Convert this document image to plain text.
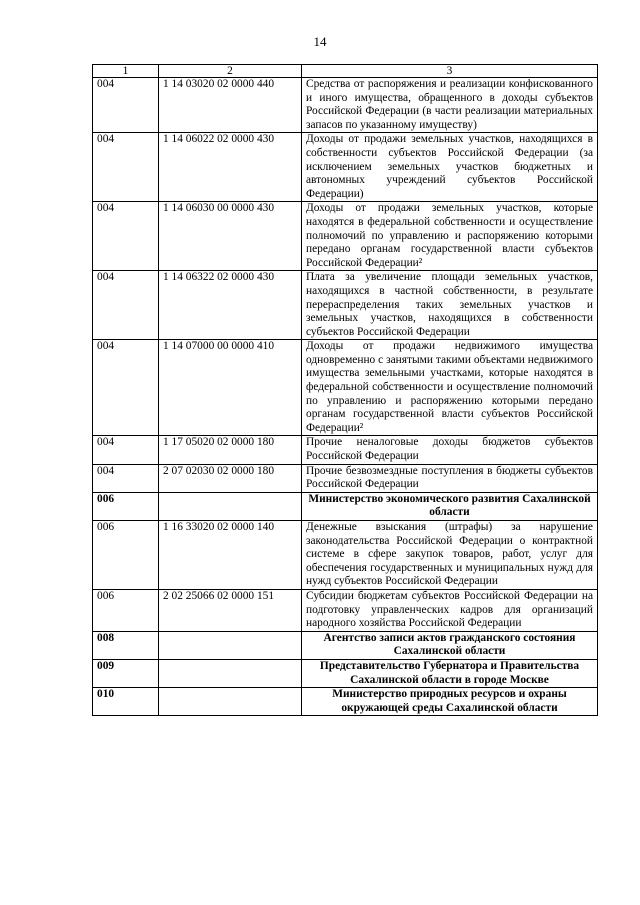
14
1	2	3
004	1 14 03020 02 0000 440	Средства от распоряжения и реализации конфискованного и иного имущества, обращенного в доходы субъектов Российской Федерации (в части реализации материальных запасов по указанному имуществу)
004	1 14 06022 02 0000 430	Доходы от продажи земельных участков, находящихся в собственности субъектов Российской Федерации (за исключением земельных участков бюджетных и автономных учреждений субъектов Российской Федерации)
004	1 14 06030 00 0000 430	Доходы от продажи земельных участков, которые находятся в федеральной собственности и осуществление полномочий по управлению и распоряжению которыми передано органам государственной власти субъектов Российской Федерации²
004	1 14 06322 02 0000 430	Плата за увеличение площади земельных участков, находящихся в частной собственности, в результате перераспределения таких земельных участков и земельных участков, находящихся в собственности субъектов Российской Федерации
004	1 14 07000 00 0000 410	Доходы от продажи недвижимого имущества одновременно с занятыми такими объектами недвижимого имущества земельными участками, которые находятся в федеральной собственности и осуществление полномочий по управлению и распоряжению которыми передано органам государственной власти субъектов Российской Федерации²
004	1 17 05020 02 0000 180	Прочие неналоговые доходы бюджетов субъектов Российской Федерации
004	2 07 02030 02 0000 180	Прочие безвозмездные поступления в бюджеты субъектов Российской Федерации
006		Министерство экономического развития Сахалинской области
006	1 16 33020 02 0000 140	Денежные взыскания (штрафы) за нарушение законодательства Российской Федерации о контрактной системе в сфере закупок товаров, работ, услуг для обеспечения государственных и муниципальных нужд для нужд субъектов Российской Федерации
006	2 02 25066 02 0000 151	Субсидии бюджетам субъектов Российской Федерации на подготовку управленческих кадров для организаций народного хозяйства Российской Федерации
008		Агентство записи актов гражданского состояния Сахалинской области
009		Представительство Губернатора и Правительства Сахалинской области в городе Москве
010		Министерство природных ресурсов и охраны окружающей среды Сахалинской области
